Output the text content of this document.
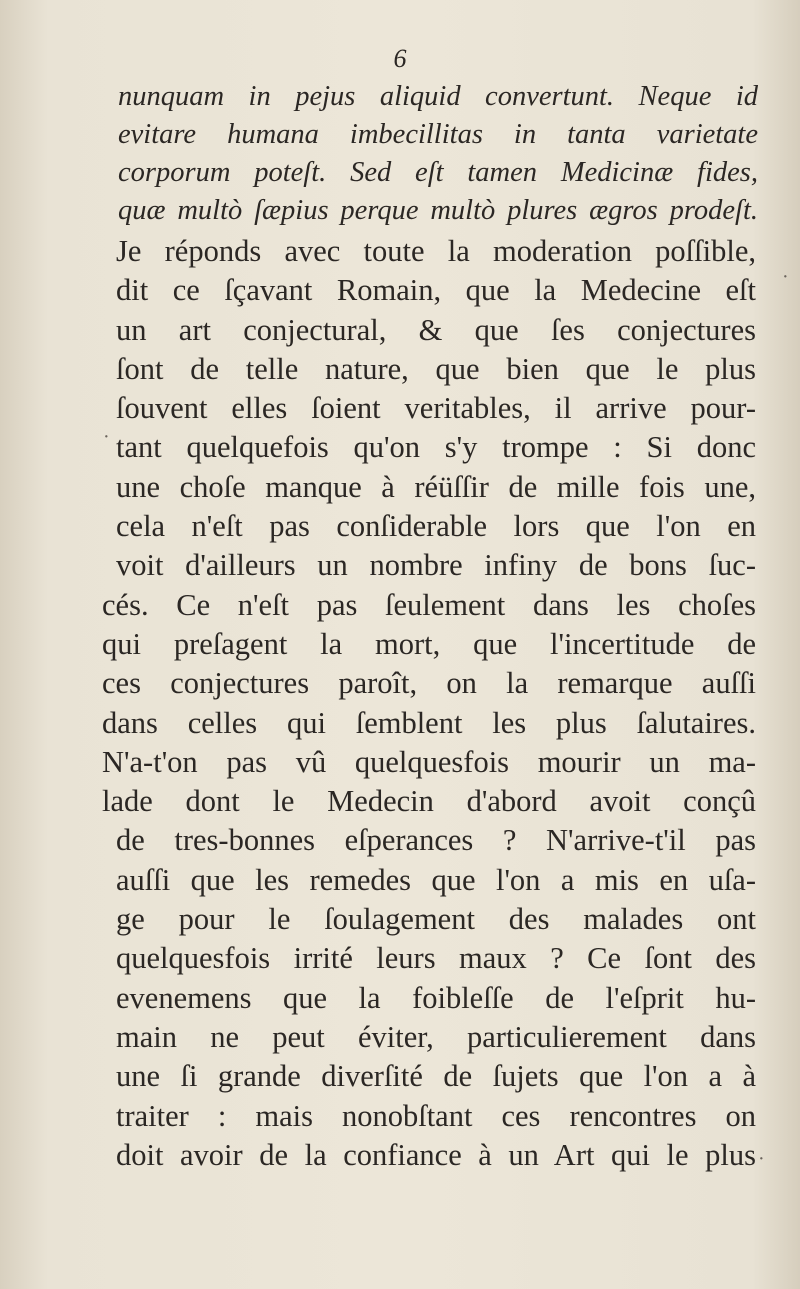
6
nunquam in pejus aliquid convertunt. Neque id
evitare humana imbecillitas in tanta varietate
corporum poteſt. Sed eſt tamen Medicinæ fides,
quæ multò ſæpius perque multò plures ægros prodeſt.
Je réponds avec toute la moderation poſſible,
dit ce ſçavant Romain, que la Medecine eſt
un art conjectural, & que ſes conjectures
ſont de telle nature, que bien que le plus
ſouvent elles ſoient veritables, il arrive pour-
tant quelquefois qu'on s'y trompe : Si donc
une choſe manque à réüſſir de mille fois une,
cela n'eſt pas conſiderable lors que l'on en
voit d'ailleurs un nombre infiny de bons ſuc-
cés. Ce n'eſt pas ſeulement dans les choſes
qui preſagent la mort, que l'incertitude de
ces conjectures paroît, on la remarque auſſi
dans celles qui ſemblent les plus ſalutaires.
N'a-t'on pas vû quelquesfois mourir un ma-
lade dont le Medecin d'abord avoit conçû
de tres-bonnes eſperances ? N'arrive-t'il pas
auſſi que les remedes que l'on a mis en uſa-
ge pour le ſoulagement des malades ont
quelquesfois irrité leurs maux ? Ce ſont des
evenemens que la foibleſſe de l'eſprit hu-
main ne peut éviter, particulierement dans
une ſi grande diverſité de ſujets que l'on a à
traiter : mais nonobſtant ces rencontres on
doit avoir de la confiance à un Art qui le plus
·
·
·
